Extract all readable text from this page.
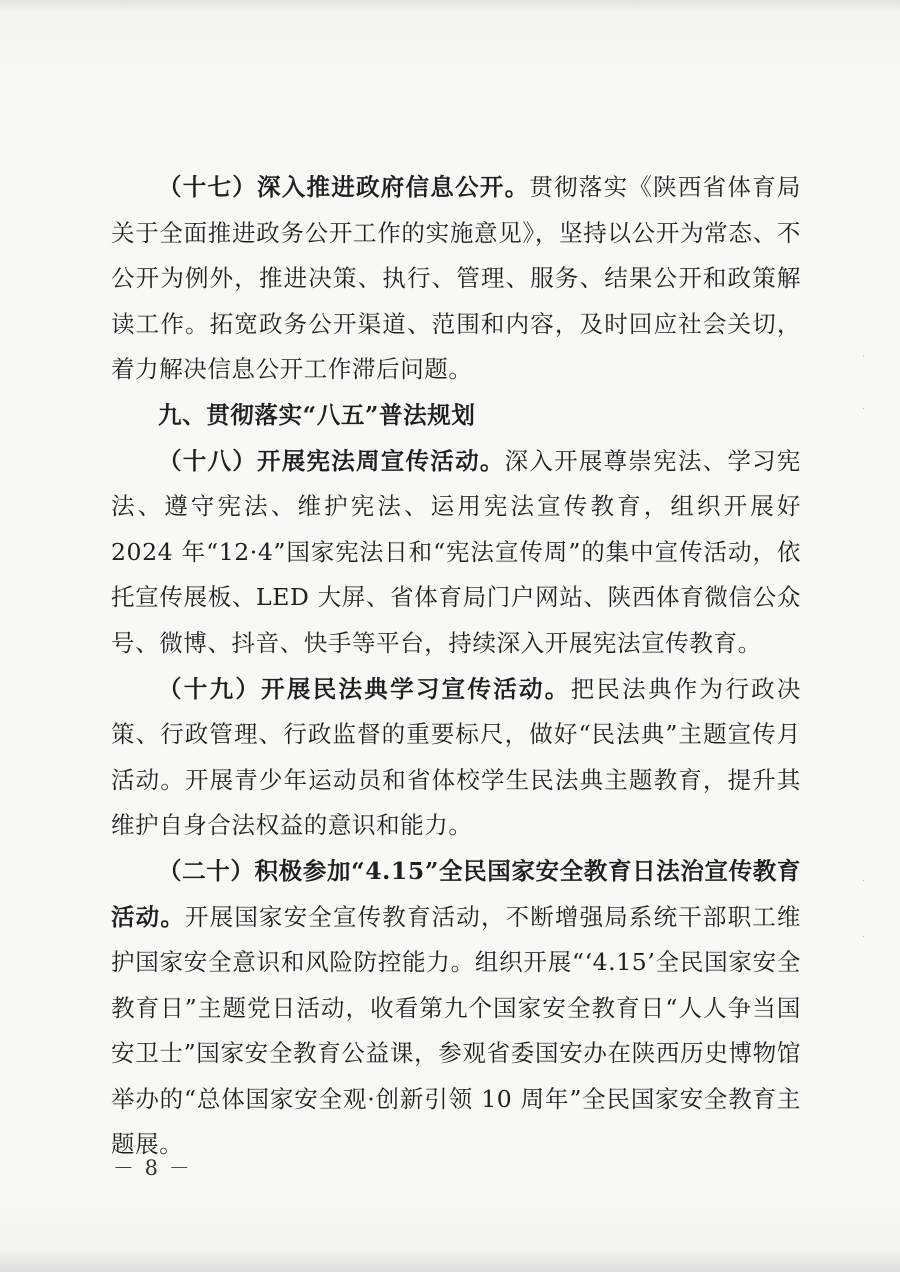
（十七）深入推进政府信息公开。贯彻落实《陕西省体育局关于全面推进政务公开工作的实施意见》，坚持以公开为常态、不公开为例外，推进决策、执行、管理、服务、结果公开和政策解读工作。拓宽政务公开渠道、范围和内容，及时回应社会关切，着力解决信息公开工作滞后问题。

九、贯彻落实“八五”普法规划

（十八）开展宪法周宣传活动。深入开展尊崇宪法、学习宪法、遵守宪法、维护宪法、运用宪法宣传教育，组织开展好 2024 年“12·4”国家宪法日和“宪法宣传周”的集中宣传活动，依托宣传展板、LED 大屏、省体育局门户网站、陕西体育微信公众号、微博、抖音、快手等平台，持续深入开展宪法宣传教育。

（十九）开展民法典学习宣传活动。把民法典作为行政决策、行政管理、行政监督的重要标尺，做好“民法典”主题宣传月活动。开展青少年运动员和省体校学生民法典主题教育，提升其维护自身合法权益的意识和能力。

（二十）积极参加“4.15”全民国家安全教育日法治宣传教育活动。开展国家安全宣传教育活动，不断增强局系统干部职工维护国家安全意识和风险防控能力。组织开展“‘4.15’全民国家安全教育日”主题党日活动，收看第九个国家安全教育日“人人争当国安卫士”国家安全教育公益课，参观省委国安办在陕西历史博物馆举办的“总体国家安全观·创新引领 10 周年”全民国家安全教育主题展。

·
·
·
·
－ 8 －
